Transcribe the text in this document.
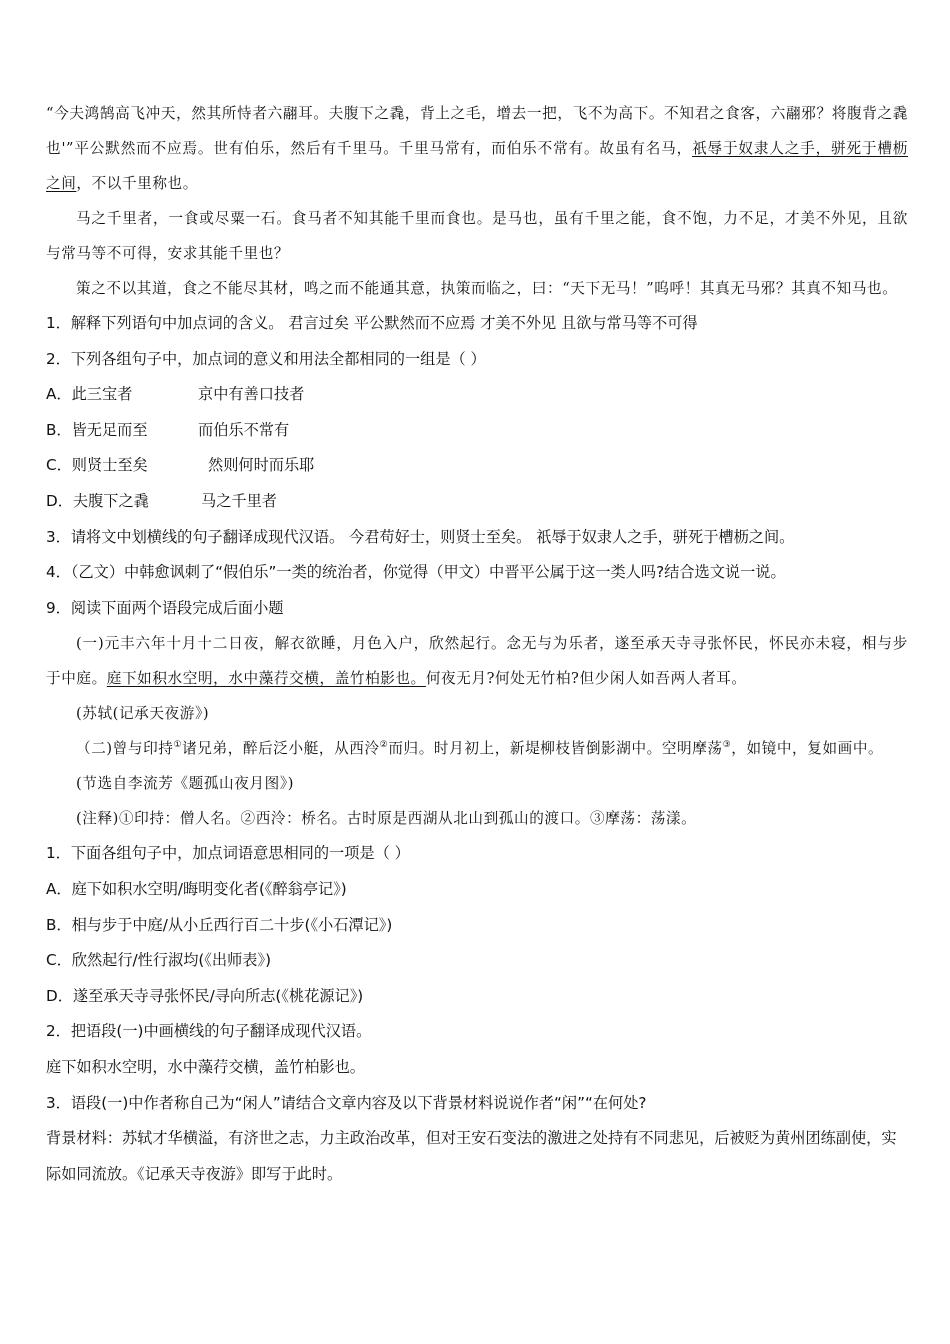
“今夫鸿鹄高飞冲天，然其所恃者六翮耳。夫腹下之毳，背上之毛，增去一把，飞不为高下。不知君之食客，六翮邪？将腹背之毳也'”平公默然而不应焉。世有伯乐，然后有千里马。千里马常有，而伯乐不常有。故虽有名马，祇辱于奴隶人之手，骈死于槽枥之间，不以千里称也。

马之千里者，一食或尽粟一石。食马者不知其能千里而食也。是马也，虽有千里之能，食不饱，力不足，才美不外见，且欲与常马等不可得，安求其能千里也？

策之不以其道，食之不能尽其材，鸣之而不能通其意，执策而临之，曰：“天下无马！”呜呼！其真无马邪？其真不知马也。

1．解释下列语句中加点词的含义。 君言过矣 平公默然而不应焉 才美不外见 且欲与常马等不可得

2．下列各组句子中，加点词的意义和用法全都相同的一组是（ ）

A．此三宝者	京中有善口技者

B．皆无足而至	而伯乐不常有

C．则贤士至矣	然则何时而乐耶

D．夫腹下之毳	马之千里者

3．请将文中划横线的句子翻译成现代汉语。 今君苟好士，则贤士至矣。 祇辱于奴隶人之手，骈死于槽枥之间。

4．（乙文）中韩愈讽刺了“假伯乐”一类的统治者，你觉得（甲文）中晋平公属于这一类人吗?结合选文说一说。

9．阅读下面两个语段完成后面小题

(一)元丰六年十月十二日夜，解衣欲睡，月色入户，欣然起行。念无与为乐者，遂至承天寺寻张怀民，怀民亦未寝，相与步于中庭。庭下如积水空明，水中藻荇交横，盖竹柏影也。何夜无月?何处无竹柏?但少闲人如吾两人者耳。

(苏轼(记承天夜游》)

（二)曾与印持①诸兄弟，醉后泛小艇，从西泠②而归。时月初上，新堤柳枝皆倒影湖中。空明摩荡③，如镜中，复如画中。

(节选自李流芳《题孤山夜月图》)

(注释)①印持：僧人名。②西泠：桥名。古时原是西湖从北山到孤山的渡口。③摩荡：荡漾。

1．下面各组句子中，加点词语意思相同的一项是（ ）

A．庭下如积水空明/晦明变化者(《醉翁亭记》)

B．相与步于中庭/从小丘西行百二十步(《小石潭记》)

C．欣然起行/性行淑均(《出师表》)

D．遂至承天寺寻张怀民/寻向所志(《桃花源记》)

2．把语段(一)中画横线的句子翻译成现代汉语。

庭下如积水空明，水中藻荇交横，盖竹柏影也。

3．语段(一)中作者称自己为“闲人”请结合文章内容及以下背景材料说说作者“闲”“在何处?

背景材料：苏轼才华横溢，有济世之志，力主政治改革，但对王安石变法的激进之处持有不同悲见，后被贬为黄州团练副使，实际如同流放。《记承天寺夜游》即写于此时。
